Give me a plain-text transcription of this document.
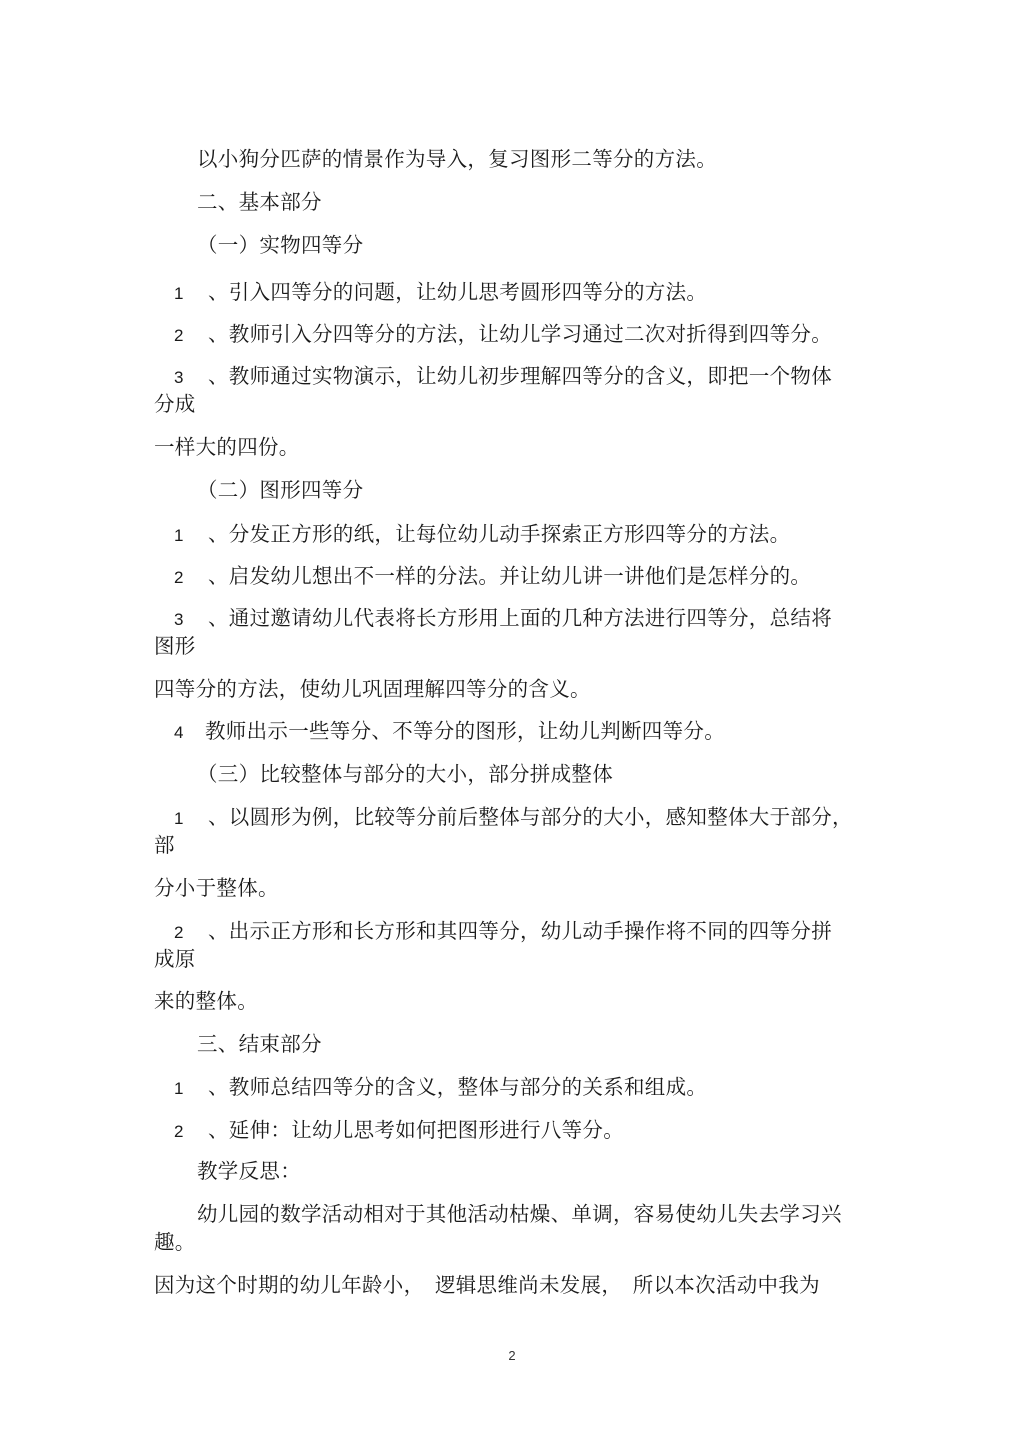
以小狗分匹萨的情景作为导入，复习图形二等分的方法。
二、基本部分
（一）实物四等分
1 、引入四等分的问题，让幼儿思考圆形四等分的方法。
2 、教师引入分四等分的方法，让幼儿学习通过二次对折得到四等分。
3 、教师通过实物演示，让幼儿初步理解四等分的含义，即把一个物体
分成
一样大的四份。
（二）图形四等分
1 、分发正方形的纸，让每位幼儿动手探索正方形四等分的方法。
2 、启发幼儿想出不一样的分法。并让幼儿讲一讲他们是怎样分的。
3 、通过邀请幼儿代表将长方形用上面的几种方法进行四等分，总结将
图形
四等分的方法，使幼儿巩固理解四等分的含义。
4 教师出示一些等分、不等分的图形，让幼儿判断四等分。
（三）比较整体与部分的大小，部分拼成整体
1 、以圆形为例，比较等分前后整体与部分的大小，感知整体大于部分，
部
分小于整体。
2 、出示正方形和长方形和其四等分，幼儿动手操作将不同的四等分拼
成原
来的整体。
三、结束部分
1 、教师总结四等分的含义，整体与部分的关系和组成。
2 、延伸：让幼儿思考如何把图形进行八等分。
教学反思：
幼儿园的数学活动相对于其他活动枯燥、单调，容易使幼儿失去学习兴
趣。
因为这个时期的幼儿年龄小，　逻辑思维尚未发展，　所以本次活动中我为
2
